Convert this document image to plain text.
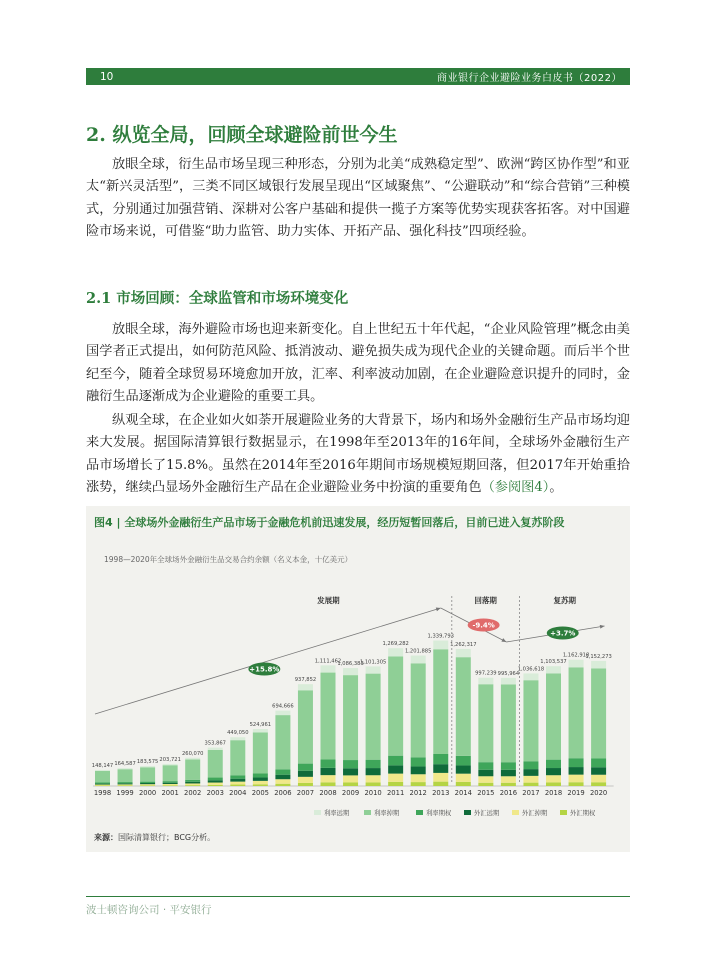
10	商业银行企业避险业务白皮书（2022）
2. 纵览全局，回顾全球避险前世今生

放眼全球，衍生品市场呈现三种形态，分别为北美“成熟稳定型”、欧洲“跨区协作型”和亚太“新兴灵活型”，三类不同区域银行发展呈现出“区域聚焦”、“公避联动”和“综合营销”三种模式，分别通过加强营销、深耕对公客户基础和提供一揽子方案等优势实现获客拓客。对中国避险市场来说，可借鉴“助力监管、助力实体、开拓产品、强化科技”四项经验。

2.1 市场回顾：全球监管和市场环境变化

放眼全球，海外避险市场也迎来新变化。自上世纪五十年代起，“企业风险管理”概念由美国学者正式提出，如何防范风险、抵消波动、避免损失成为现代企业的关键命题。而后半个世纪至今，随着全球贸易环境愈加开放，汇率、利率波动加剧，在企业避险意识提升的同时，金融衍生品逐渐成为企业避险的重要工具。

纵观全球，在企业如火如荼开展避险业务的大背景下，场内和场外金融衍生产品市场均迎来大发展。据国际清算银行数据显示，在1998年至2013年的16年间，全球场外金融衍生产品市场增长了15.8%。虽然在2014年至2016年期间市场规模短期回落，但2017年开始重拾涨势，继续凸显场外金融衍生产品在企业避险业务中扮演的重要角色（参阅图4）。

图4 | 全球场外金融衍生产品市场于金融危机前迅速发展，经历短暂回落后，目前已进入复苏阶段
1998—2020年全球场外金融衍生品交易合约余额（名义本金，十亿美元）
148,147
1998
164,587
1999
183,575
2000
203,721
2001
260,070
2002
353,867
2003
449,050
2004
524,961
2005
694,666
2006
937,852
2007
1,111,462
2008
1,086,383
2009
1,101,305
2010
1,269,282
2011
1,201,885
2012
1,339,793
2013
1,262,317
2014
997,239
2015
995,964
2016
1,036,618
2017
1,103,537
2018
1,162,918
2019
1,152,273
2020
发展期	回落期	复苏期
+15.8%
-9.4%
+3.7%
利率远期	利率掉期	利率期权	外汇远期	外汇掉期	外汇期权
来源：国际清算银行；BCG分析。
波士顿咨询公司 · 平安银行
